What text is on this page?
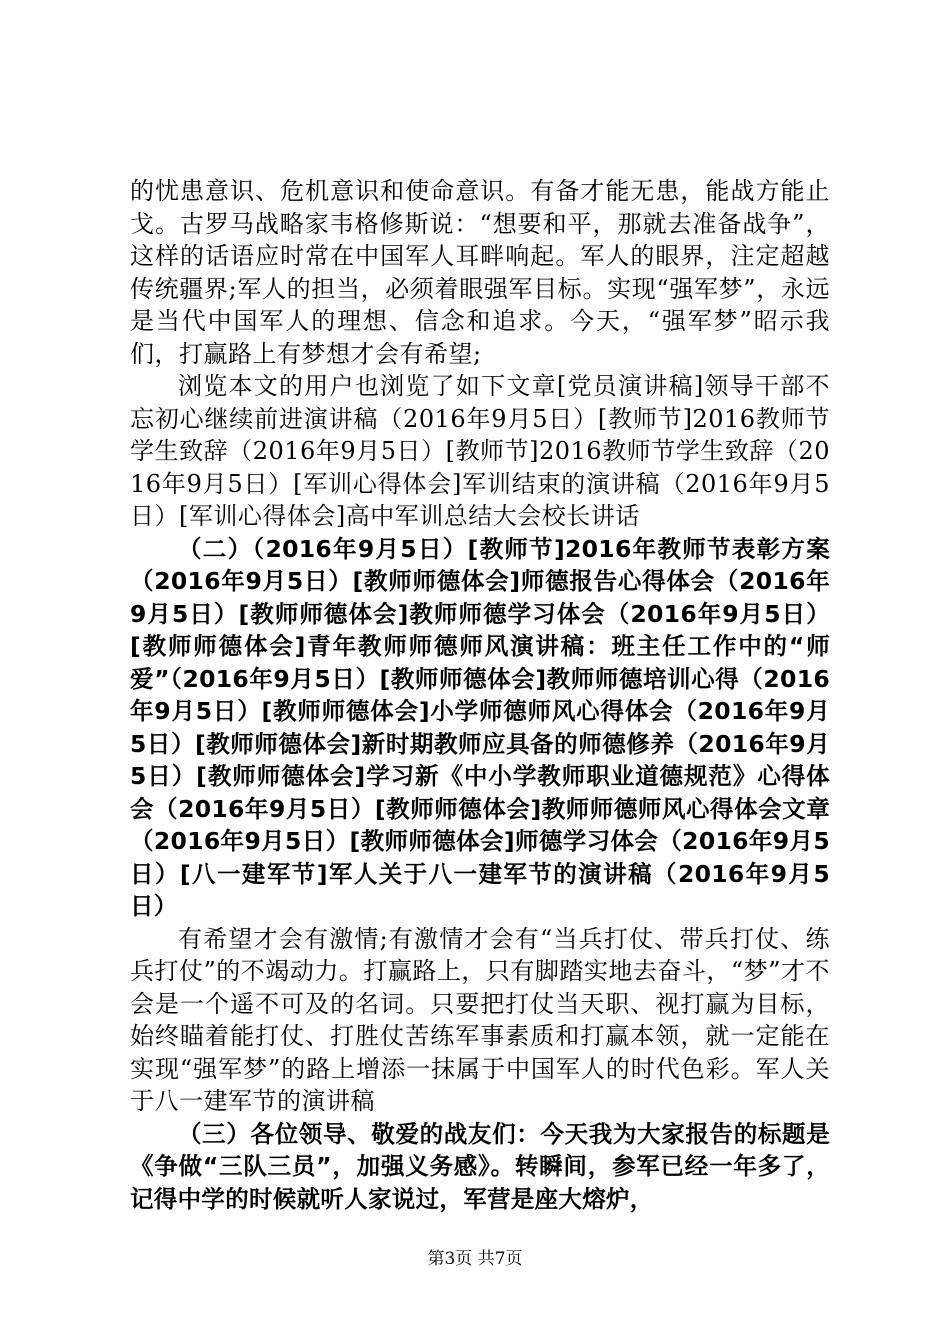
的忧患意识、危机意识和使命意识。有备才能无患，能战方能止戈。古罗马战略家韦格修斯说：“想要和平，那就去准备战争”，这样的话语应时常在中国军人耳畔响起。军人的眼界，注定超越传统疆界;军人的担当，必须着眼强军目标。实现“强军梦”，永远是当代中国军人的理想、信念和追求。今天，“强军梦”昭示我们，打赢路上有梦想才会有希望;

浏览本文的用户也浏览了如下文章[党员演讲稿]领导干部不忘初心继续前进演讲稿（2016年9月5日）[教师节]2016教师节学生致辞（2016年9月5日）[教师节]2016教师节学生致辞（2016年9月5日）[军训心得体会]军训结束的演讲稿（2016年9月5日）[军训心得体会]高中军训总结大会校长讲话

（二）（2016年9月5日）[教师节]2016年教师节表彰方案（2016年9月5日）[教师师德体会]师德报告心得体会（2016年9月5日）[教师师德体会]教师师德学习体会（2016年9月5日）[教师师德体会]青年教师师德师风演讲稿：班主任工作中的“师爱”（2016年9月5日）[教师师德体会]教师师德培训心得（2016年9月5日）[教师师德体会]小学师德师风心得体会（2016年9月5日）[教师师德体会]新时期教师应具备的师德修养（2016年9月5日）[教师师德体会]学习新《中小学教师职业道德规范》心得体会（2016年9月5日）[教师师德体会]教师师德师风心得体会文章（2016年9月5日）[教师师德体会]师德学习体会（2016年9月5日）[八一建军节]军人关于八一建军节的演讲稿（2016年9月5日）

有希望才会有激情;有激情才会有“当兵打仗、带兵打仗、练兵打仗”的不竭动力。打赢路上，只有脚踏实地去奋斗，“梦”才不会是一个遥不可及的名词。只要把打仗当天职、视打赢为目标，始终瞄着能打仗、打胜仗苦练军事素质和打赢本领，就一定能在实现“强军梦”的路上增添一抹属于中国军人的时代色彩。军人关于八一建军节的演讲稿

（三）各位领导、敬爱的战友们：今天我为大家报告的标题是《争做“三队三员”，加强义务感》。转瞬间，参军已经一年多了，记得中学的时候就听人家说过，军营是座大熔炉，

第3页 共7页
